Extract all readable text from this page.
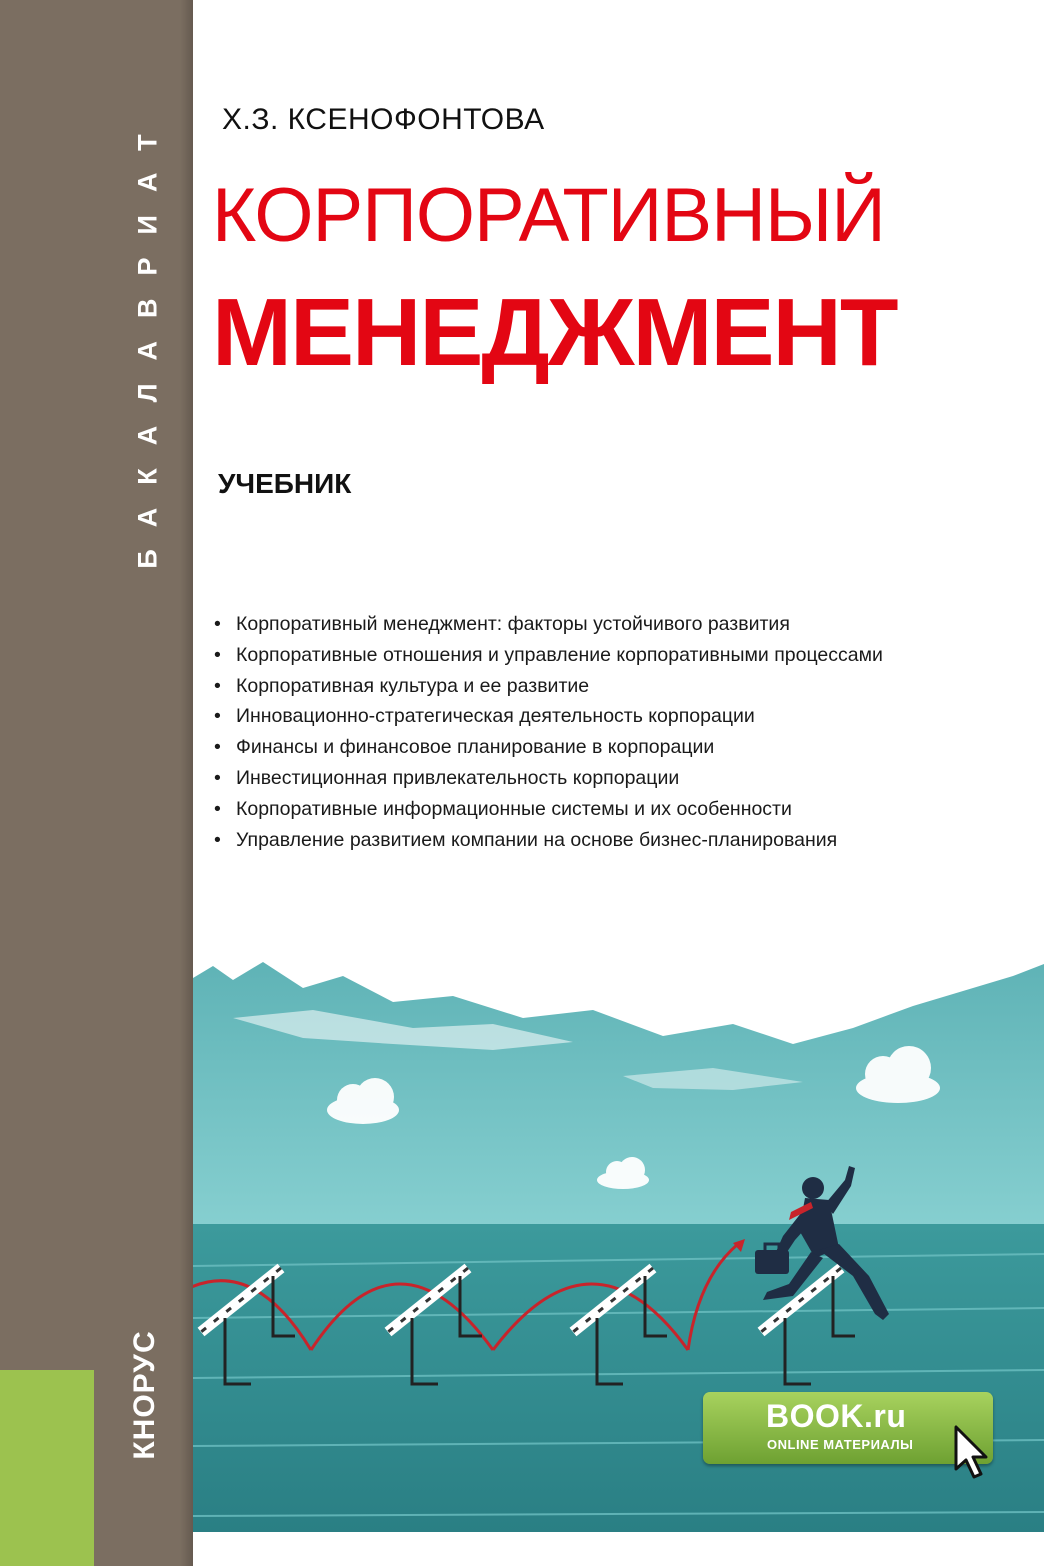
БАКАЛАВРИАТ
КНОРУС
Х.З. КСЕНОФОНТОВА
КОРПОРАТИВНЫЙ
МЕНЕДЖМЕНТ
УЧЕБНИК
• Корпоративный менеджмент: факторы устойчивого развития
• Корпоративные отношения и управление корпоративными процессами
• Корпоративная культура и ее развитие
• Инновационно-стратегическая деятельность корпорации
• Финансы и финансовое планирование в корпорации
• Инвестиционная привлекательность корпорации
• Корпоративные информационные системы и их особенности
• Управление развитием компании на основе бизнес-планирования
BOOK.ru
ONLINE МАТЕРИАЛЫ
